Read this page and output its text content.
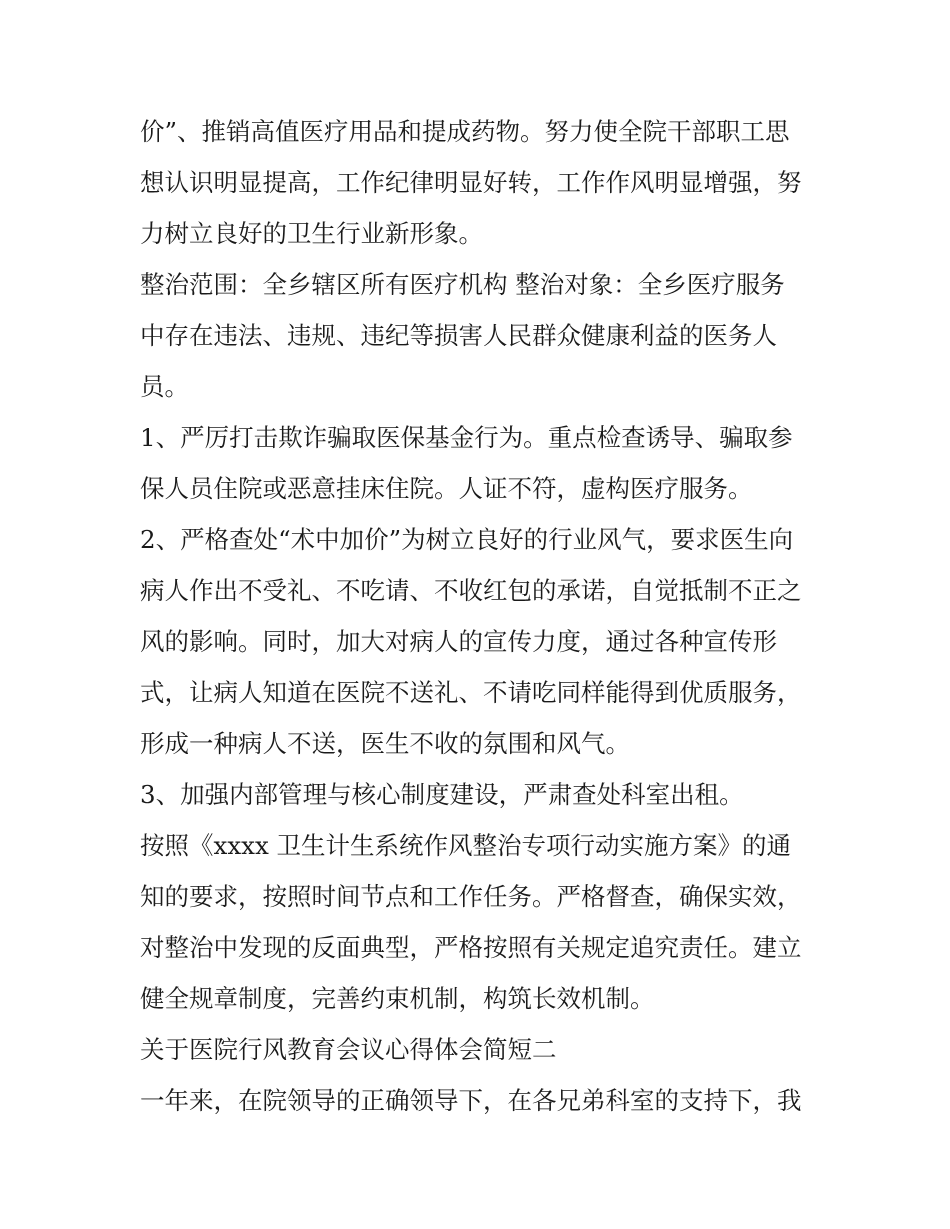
价”、推销高值医疗用品和提成药物。努力使全院干部职工思
想认识明显提高，工作纪律明显好转，工作作风明显增强，努
力树立良好的卫生行业新形象。
整治范围：全乡辖区所有医疗机构 整治对象：全乡医疗服务
中存在违法、违规、违纪等损害人民群众健康利益的医务人
员。
1、严厉打击欺诈骗取医保基金行为。重点检查诱导、骗取参
保人员住院或恶意挂床住院。人证不符，虚构医疗服务。
2、严格查处“术中加价”为树立良好的行业风气，要求医生向
病人作出不受礼、不吃请、不收红包的承诺，自觉抵制不正之
风的影响。同时，加大对病人的宣传力度，通过各种宣传形
式，让病人知道在医院不送礼、不请吃同样能得到优质服务，
形成一种病人不送，医生不收的氛围和风气。
3、加强内部管理与核心制度建设，严肃查处科室出租。
按照《xxxx 卫生计生系统作风整治专项行动实施方案》的通
知的要求，按照时间节点和工作任务。严格督查，确保实效，
对整治中发现的反面典型，严格按照有关规定追究责任。建立
健全规章制度，完善约束机制，构筑长效机制。
关于医院行风教育会议心得体会简短二
一年来，在院领导的正确领导下，在各兄弟科室的支持下，我
